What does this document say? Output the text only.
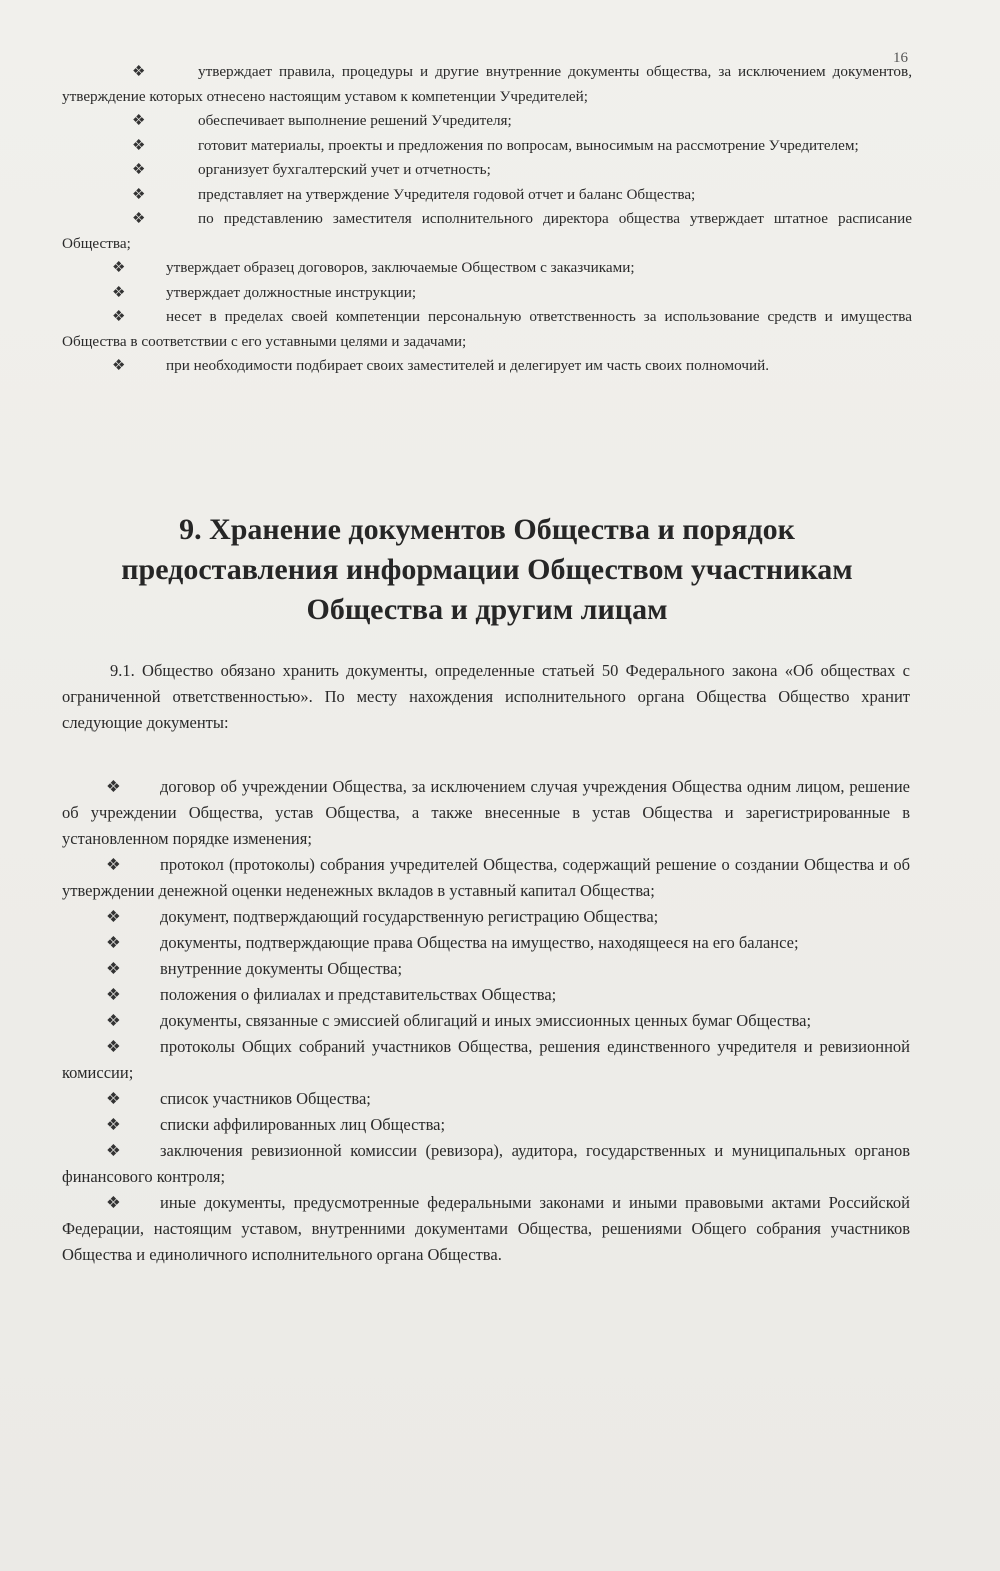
16

❖	утверждает правила, процедуры и другие внутренние документы общества, за исключением документов, утверждение которых отнесено настоящим уставом к компетенции Учредителей;

❖	обеспечивает выполнение решений Учредителя;

❖	готовит материалы, проекты и предложения по вопросам, выносимым на рассмотрение Учредителем;

❖	организует бухгалтерский учет и отчетность;

❖	представляет на утверждение Учредителя годовой отчет и баланс Общества;

❖	по представлению заместителя исполнительного директора общества утверждает штатное расписание Общества;

❖	утверждает образец договоров, заключаемые Обществом с заказчиками;

❖	утверждает должностные инструкции;

❖	несет в пределах своей компетенции персональную ответственность за использование средств и имущества Общества в соответствии с его уставными целями и задачами;

❖	при необходимости подбирает своих заместителей и делегирует им часть своих полномочий.

9. Хранение документов Общества и порядок
предоставления информации Обществом участникам
Общества и другим лицам

9.1. Общество обязано хранить документы, определенные статьей 50 Федерального закона «Об обществах с ограниченной ответственностью». По месту нахождения исполнительного органа Общества Общество хранит следующие документы:

❖ договор об учреждении Общества, за исключением случая учреждения Общества одним лицом, решение об учреждении Общества, устав Общества, а также внесенные в устав Общества и зарегистрированные в установленном порядке изменения;

❖ протокол (протоколы) собрания учредителей Общества, содержащий решение о создании Общества и об утверждении денежной оценки неденежных вкладов в уставный капитал Общества;

❖ документ, подтверждающий государственную регистрацию Общества;

❖ документы, подтверждающие права Общества на имущество, находящееся на его балансе;

❖ внутренние документы Общества;

❖ положения о филиалах и представительствах Общества;

❖ документы, связанные с эмиссией облигаций и иных эмиссионных ценных бумаг Общества;

❖ протоколы Общих собраний участников Общества, решения единственного учредителя и ревизионной комиссии;

❖ список участников Общества;

❖ списки аффилированных лиц Общества;

❖ заключения ревизионной комиссии (ревизора), аудитора, государственных и муниципальных органов финансового контроля;

❖ иные документы, предусмотренные федеральными законами и иными правовыми актами Российской Федерации, настоящим уставом, внутренними документами Общества, решениями Общего собрания участников Общества и единоличного исполнительного органа Общества.
